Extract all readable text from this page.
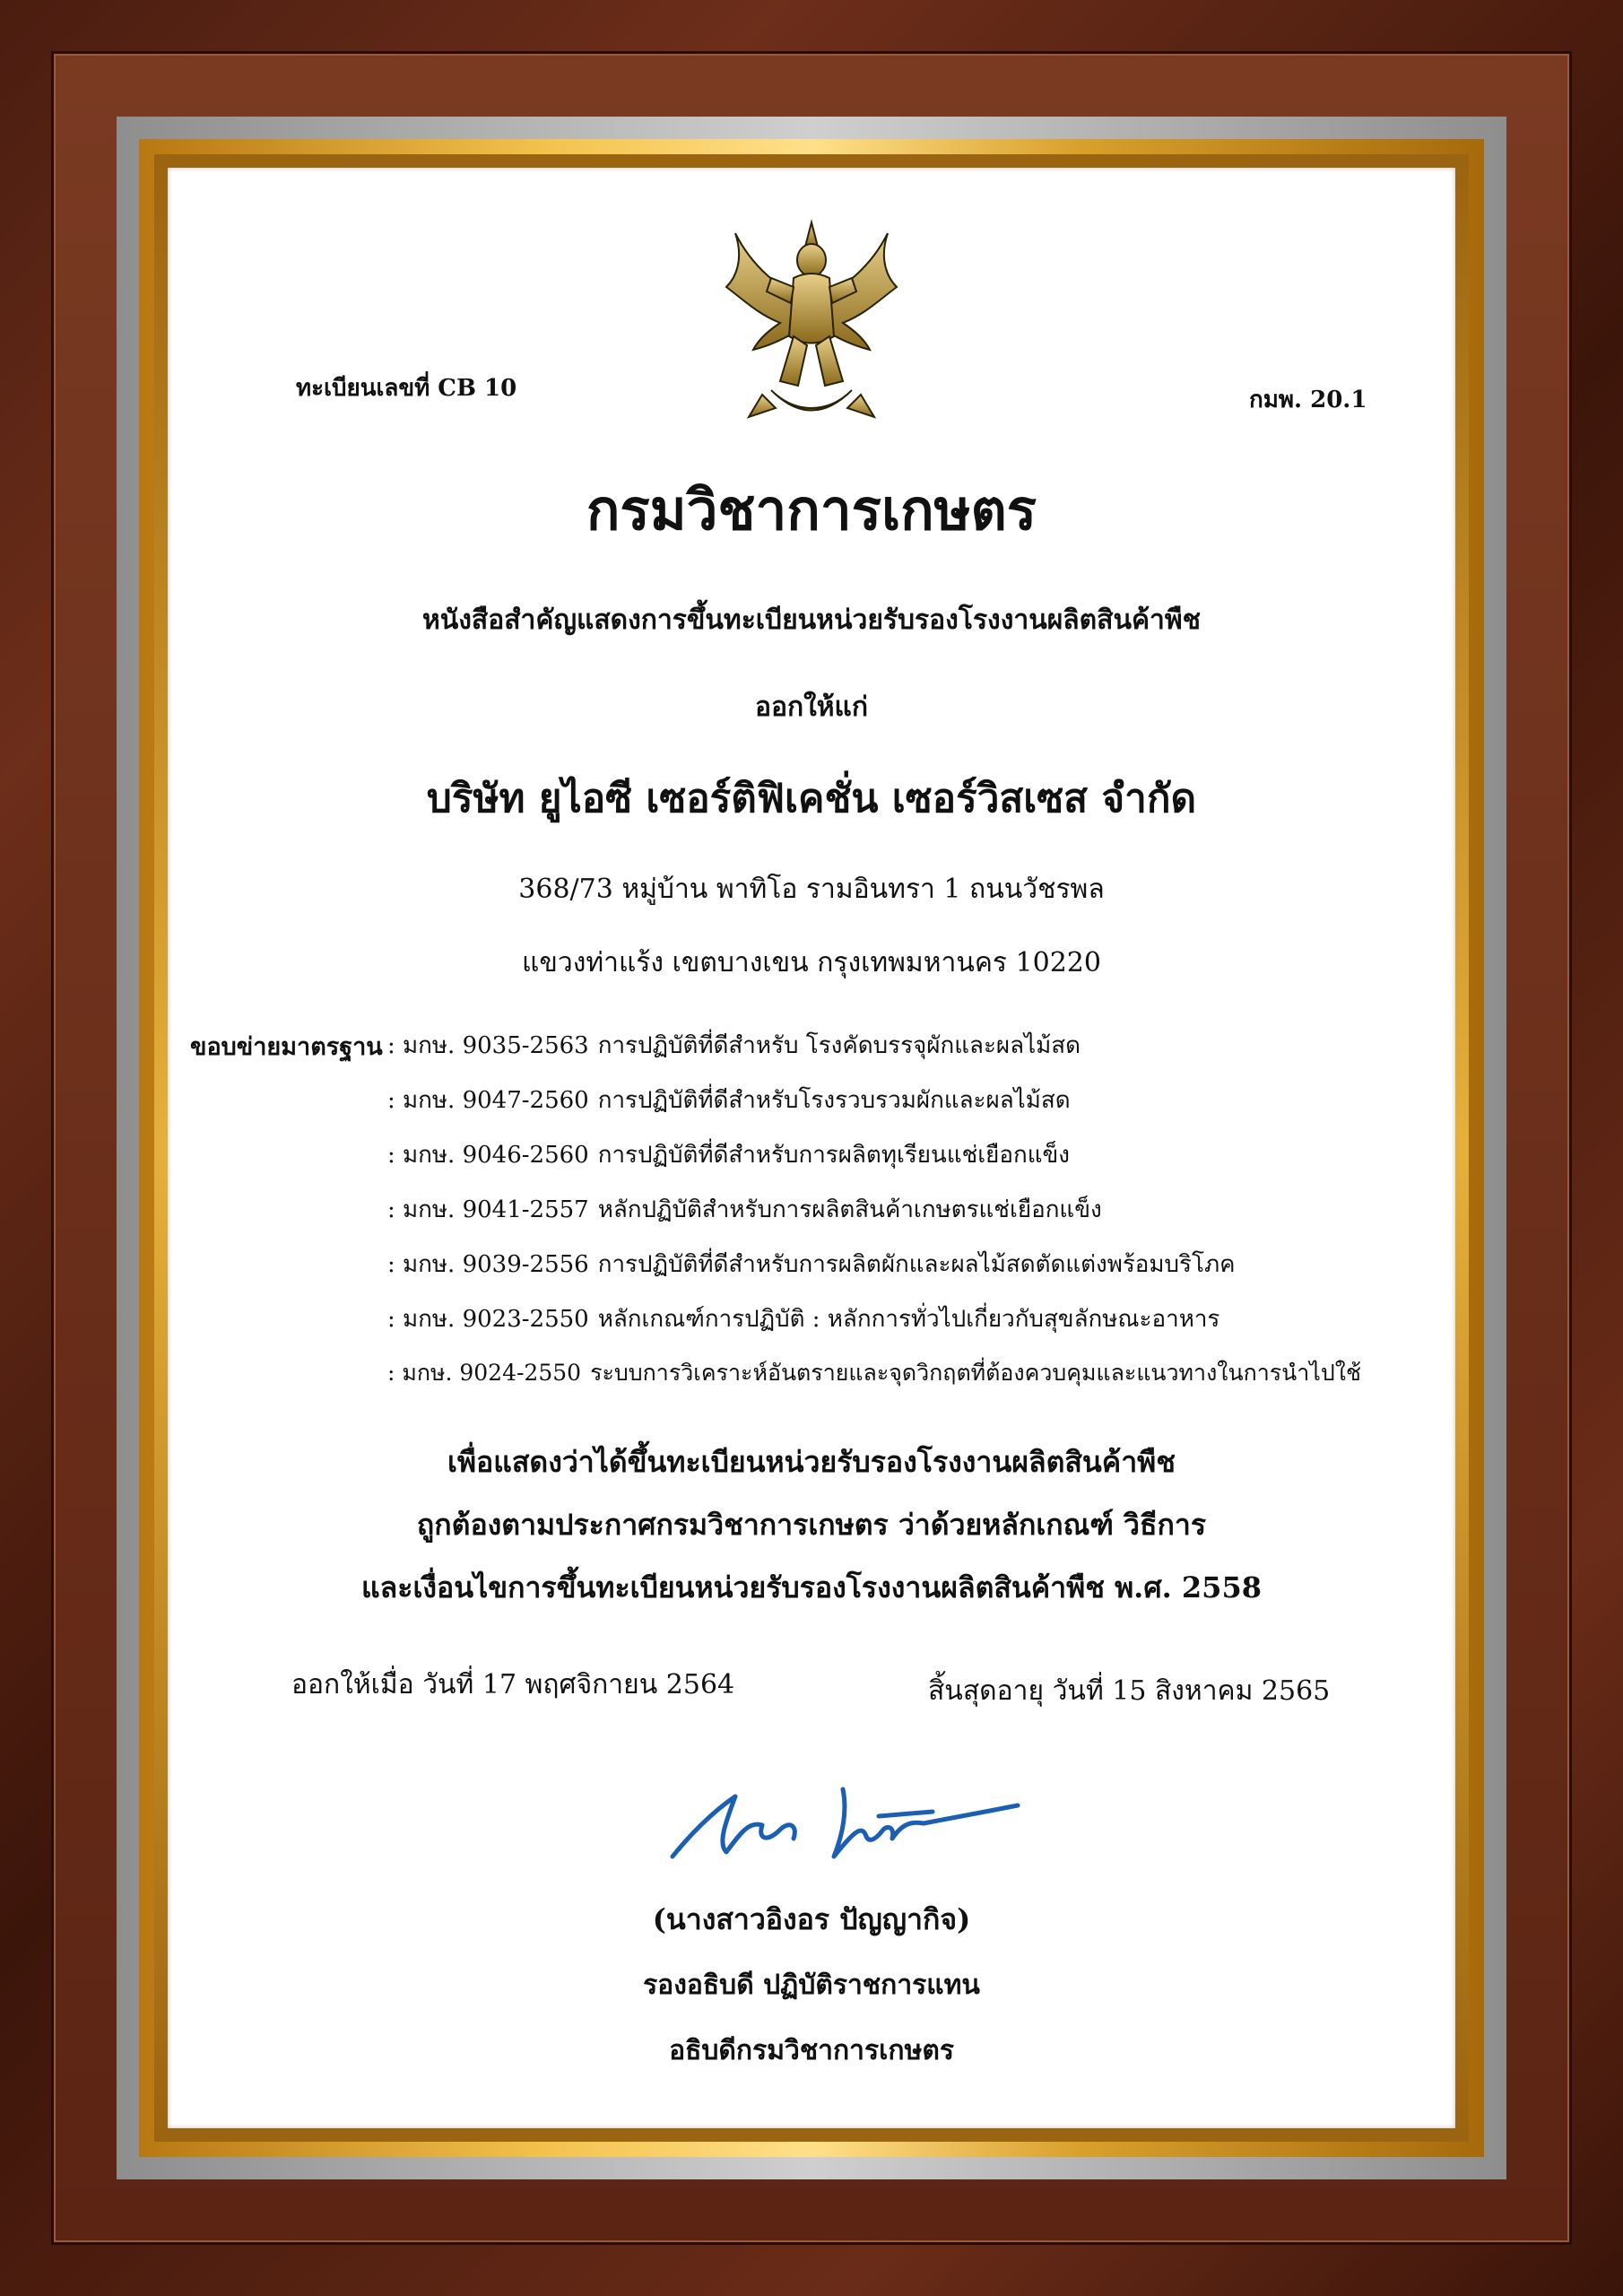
ทะเบียนเลขที่ CB 10	กมพ. 20.1
กรมวิชาการเกษตร
หนังสือสำคัญแสดงการขึ้นทะเบียนหน่วยรับรองโรงงานผลิตสินค้าพืช
ออกให้แก่
บริษัท ยูไอซี เซอร์ติฟิเคชั่น เซอร์วิสเซส จำกัด
368/73 หมู่บ้าน พาทิโอ รามอินทรา 1 ถนนวัชรพล
แขวงท่าแร้ง เขตบางเขน กรุงเทพมหานคร 10220
ขอบข่ายมาตรฐาน : มกษ. 9035-2563 การปฏิบัติที่ดีสำหรับ โรงคัดบรรจุผักและผลไม้สด
: มกษ. 9047-2560 การปฏิบัติที่ดีสำหรับโรงรวบรวมผักและผลไม้สด
: มกษ. 9046-2560 การปฏิบัติที่ดีสำหรับการผลิตทุเรียนแช่เยือกแข็ง
: มกษ. 9041-2557 หลักปฏิบัติสำหรับการผลิตสินค้าเกษตรแช่เยือกแข็ง
: มกษ. 9039-2556 การปฏิบัติที่ดีสำหรับการผลิตผักและผลไม้สดตัดแต่งพร้อมบริโภค
: มกษ. 9023-2550 หลักเกณฑ์การปฏิบัติ : หลักการทั่วไปเกี่ยวกับสุขลักษณะอาหาร
: มกษ. 9024-2550 ระบบการวิเคราะห์อันตรายและจุดวิกฤตที่ต้องควบคุมและแนวทางในการนำไปใช้
เพื่อแสดงว่าได้ขึ้นทะเบียนหน่วยรับรองโรงงานผลิตสินค้าพืช
ถูกต้องตามประกาศกรมวิชาการเกษตร ว่าด้วยหลักเกณฑ์ วิธีการ
และเงื่อนไขการขึ้นทะเบียนหน่วยรับรองโรงงานผลิตสินค้าพืช พ.ศ. 2558
ออกให้เมื่อ วันที่ 17 พฤศจิกายน 2564	สิ้นสุดอายุ วันที่ 15 สิงหาคม 2565
(นางสาวอิงอร ปัญญากิจ)
รองอธิบดี ปฏิบัติราชการแทน
อธิบดีกรมวิชาการเกษตร
